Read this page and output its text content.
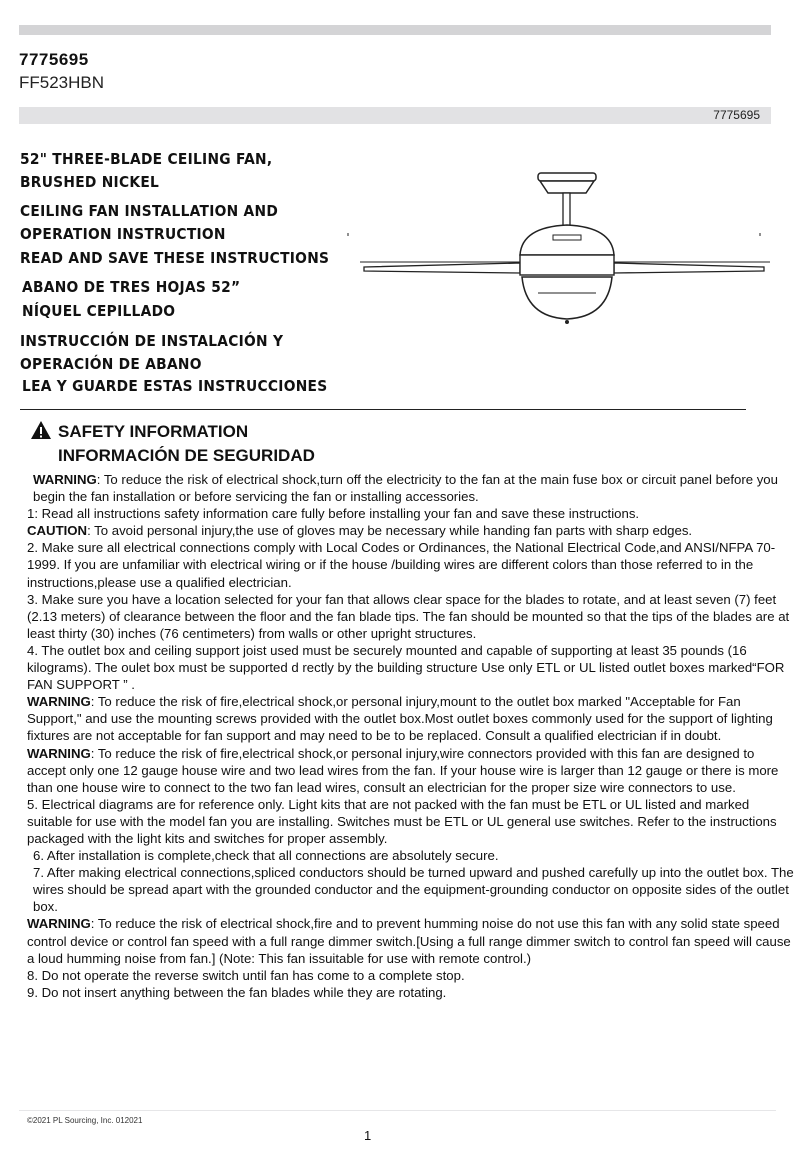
7775695
FF523HBN
7775695
52" THREE-BLADE CEILING FAN,
BRUSHED NICKEL
CEILING FAN INSTALLATION AND
OPERATION INSTRUCTION
READ AND SAVE THESE INSTRUCTIONS
ABANO DE TRES HOJAS 52”
NÍQUEL CEPILLADO
INSTRUCCIÓN DE INSTALACIÓN Y
OPERACIÓN DE ABANO
LEA Y GUARDE ESTAS INSTRUCCIONES
SAFETY INFORMATION
INFORMACIÓN DE SEGURIDAD

WARNING: To reduce the risk of electrical shock,turn off the electricity to the fan at the main fuse box or circuit panel before you begin the fan installation or before servicing the fan or installing accessories.

1: Read all instructions safety information care fully before installing your fan and save these instructions.

CAUTION: To avoid personal injury,the use of gloves may be necessary while handing fan parts with sharp edges.

2. Make sure all electrical connections comply with Local Codes or Ordinances, the National Electrical Code,and ANSI/NFPA 70-1999. If you are unfamiliar with electrical wiring or if the house /building wires are different colors than those referred to in the instructions,please use a qualified electrician.

3. Make sure you have a location selected for your fan that allows clear space for the blades to rotate, and at least seven (7) feet (2.13 meters) of clearance between the floor and the fan blade tips. The fan should be mounted so that the tips of the blades are at least thirty (30) inches (76 centimeters) from walls or other upright structures.

4. The outlet box and ceiling support joist used must be securely mounted and capable of supporting at least 35 pounds (16 kilograms). The oulet box must be supported d rectly by the building structure Use only ETL or UL listed outlet boxes marked“FOR FAN SUPPORT ” .

WARNING: To reduce the risk of fire,electrical shock,or personal injury,mount to the outlet box marked "Acceptable for Fan Support," and use the mounting screws provided with the outlet box.Most outlet boxes commonly used for the support of lighting fixtures are not acceptable for fan support and may need to be to be replaced. Consult a qualified electrician if in doubt.

WARNING: To reduce the risk of fire,electrical shock,or personal injury,wire connectors provided with this fan are designed to accept only one 12 gauge house wire and two lead wires from the fan. If your house wire is larger than 12 gauge or there is more than one house wire to connect to the two fan lead wires, consult an electrician for the proper size wire connectors to use.

5. Electrical diagrams are for reference only. Light kits that are not packed with the fan must be ETL or UL listed and marked suitable for use with the model fan you are installing. Switches must be ETL or UL general use switches. Refer to the instructions packaged with the light kits and switches for proper assembly.

6. After installation is complete,check that all connections are absolutely secure.

7. After making electrical connections,spliced conductors should be turned upward and pushed carefully up into the outlet box. The wires should be spread apart with the grounded conductor and the equipment-grounding conductor on opposite sides of the outlet box.

WARNING: To reduce the risk of electrical shock,fire and to prevent humming noise do not use this fan with any solid state speed control device or control fan speed with a full range dimmer switch.[Using a full range dimmer switch to control fan speed will cause a loud humming noise from fan.] (Note: This fan issuitable for use with remote control.)

8. Do not operate the reverse switch until fan has come to a complete stop.

9. Do not insert anything between the fan blades while they are rotating.

©2021 PL Sourcing, Inc. 012021
1
